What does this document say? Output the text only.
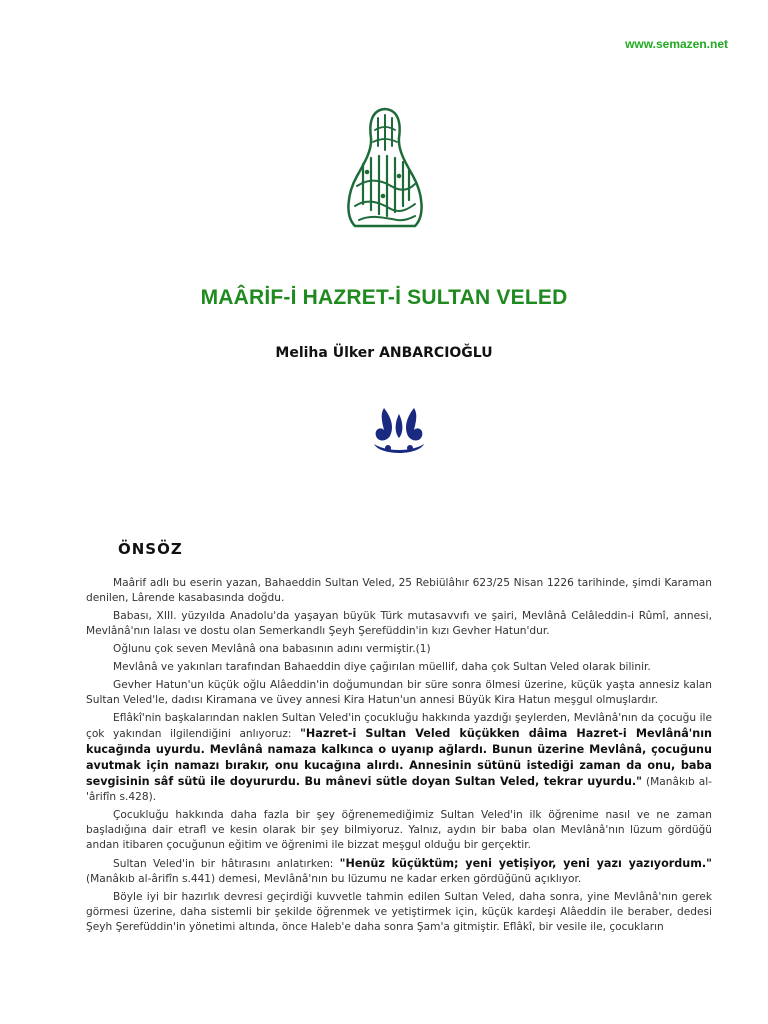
www.semazen.net
MAÂRİF-İ HAZRET-İ SULTAN VELED

Meliha Ülker ANBARCIOĞLU

ÖNSÖZ

Maârif adlı bu eserin yazan, Bahaeddin Sultan Veled, 25 Rebiülâhır 623/25 Nisan 1226 tarihinde, şimdi Karaman denilen, Lârende kasabasında doğdu.

Babası, XIII. yüzyılda Anadolu'da yaşayan büyük Türk mutasavvıfı ve şairi, Mevlânâ Celâleddin-i Rûmî, annesi, Mevlânâ'nın lalası ve dostu olan Semerkandlı Şeyh Şerefüddin'in kızı Gevher Hatun'dur.

Oğlunu çok seven Mevlânâ ona babasının adını vermiştir.(1)

Mevlânâ ve yakınları tarafından Bahaeddin diye çağırılan müellif, daha çok Sultan Veled olarak bilinir.

Gevher Hatun'un küçük oğlu Alâeddin'in doğumundan bir süre sonra ölmesi üzerine, küçük yaşta annesiz kalan Sultan Veled'le, dadısı Kiramana ve üvey annesi Kira Hatun'un annesi Büyük Kira Hatun meşgul olmuşlardır.

Eflâkî'nin başkalarından naklen Sultan Veled'in çocukluğu hakkında yazdığı şeylerden, Mevlânâ'nın da çocuğu ile çok yakından ilgilendiğini anlıyoruz: "Hazret-i Sultan Veled küçükken dâima Hazret-i Mevlânâ'nın kucağında uyurdu. Mevlânâ namaza kalkınca o uyanıp ağlardı. Bunun üzerine Mevlânâ, çocuğunu avutmak için namazı bırakır, onu kucağına alırdı. Annesinin sütünü istediği zaman da onu, baba sevgisinin sâf sütü ile doyururdu. Bu mânevi sütle doyan Sultan Veled, tekrar uyurdu." (Manâkıb al-'ârifîn s.428).

Çocukluğu hakkında daha fazla bir şey öğrenemediğimiz Sultan Veled'in ilk öğrenime nasıl ve ne zaman başladığına dair etrafl ve kesin olarak bir şey bilmiyoruz. Yalnız, aydın bir baba olan Mevlânâ'nın lüzum gördüğü andan itibaren çocuğunun eğitim ve öğrenimi ile bizzat meşgul olduğu bir gerçektir.

Sultan Veled'in bir hâtırasını anlatırken: "Henüz küçüktüm; yeni yetişiyor, yeni yazı yazıyordum." (Manâkıb al-ârifîn s.441) demesi, Mevlânâ'nın bu lüzumu ne kadar erken gördüğünü açıklıyor.

Böyle iyi bir hazırlık devresi geçirdiği kuvvetle tahmin edilen Sultan Veled, daha sonra, yine Mevlânâ'nın gerek görmesi üzerine, daha sistemli bir şekilde öğrenmek ve yetiştirmek için, küçük kardeşi Alâeddin ile beraber, dedesi Şeyh Şerefüddin'in yönetimi altında, önce Haleb'e daha sonra Şam'a gitmiştir. Eflâkî, bir vesile ile, çocukların
